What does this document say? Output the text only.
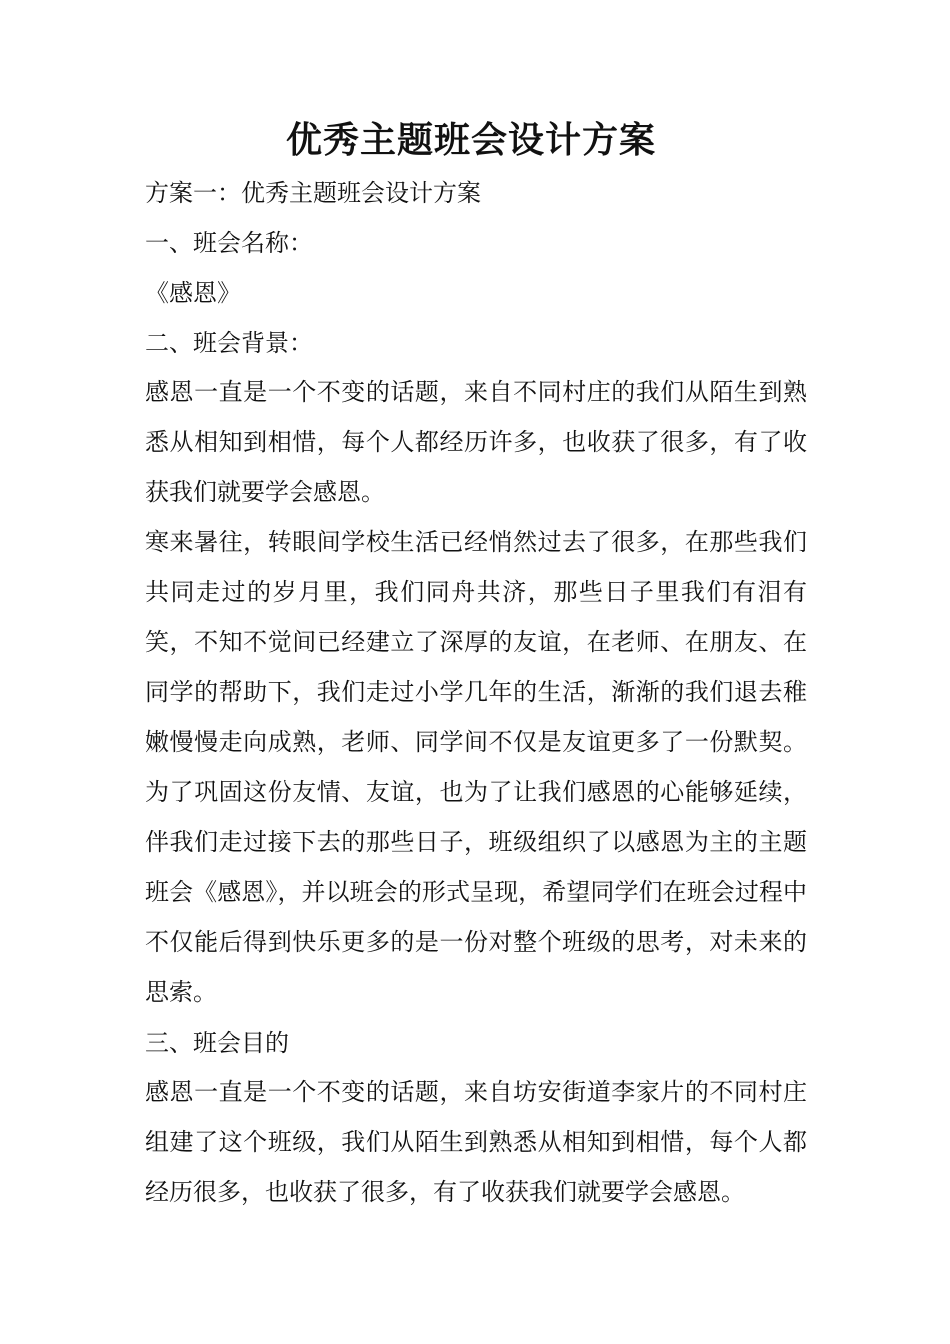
优秀主题班会设计方案

方案一：优秀主题班会设计方案

一、班会名称：

《感恩》

二、班会背景：

感恩一直是一个不变的话题，来自不同村庄的我们从陌生到熟悉从相知到相惜，每个人都经历许多，也收获了很多，有了收获我们就要学会感恩。

寒来暑往，转眼间学校生活已经悄然过去了很多，在那些我们共同走过的岁月里，我们同舟共济，那些日子里我们有泪有笑，不知不觉间已经建立了深厚的友谊，在老师、在朋友、在同学的帮助下，我们走过小学几年的生活，渐渐的我们退去稚嫩慢慢走向成熟，老师、同学间不仅是友谊更多了一份默契。为了巩固这份友情、友谊，也为了让我们感恩的心能够延续，伴我们走过接下去的那些日子，班级组织了以感恩为主的主题班会《感恩》，并以班会的形式呈现，希望同学们在班会过程中不仅能后得到快乐更多的是一份对整个班级的思考，对未来的思索。

三、班会目的

感恩一直是一个不变的话题，来自坊安街道李家片的不同村庄组建了这个班级，我们从陌生到熟悉从相知到相惜，每个人都经历很多，也收获了很多，有了收获我们就要学会感恩。
